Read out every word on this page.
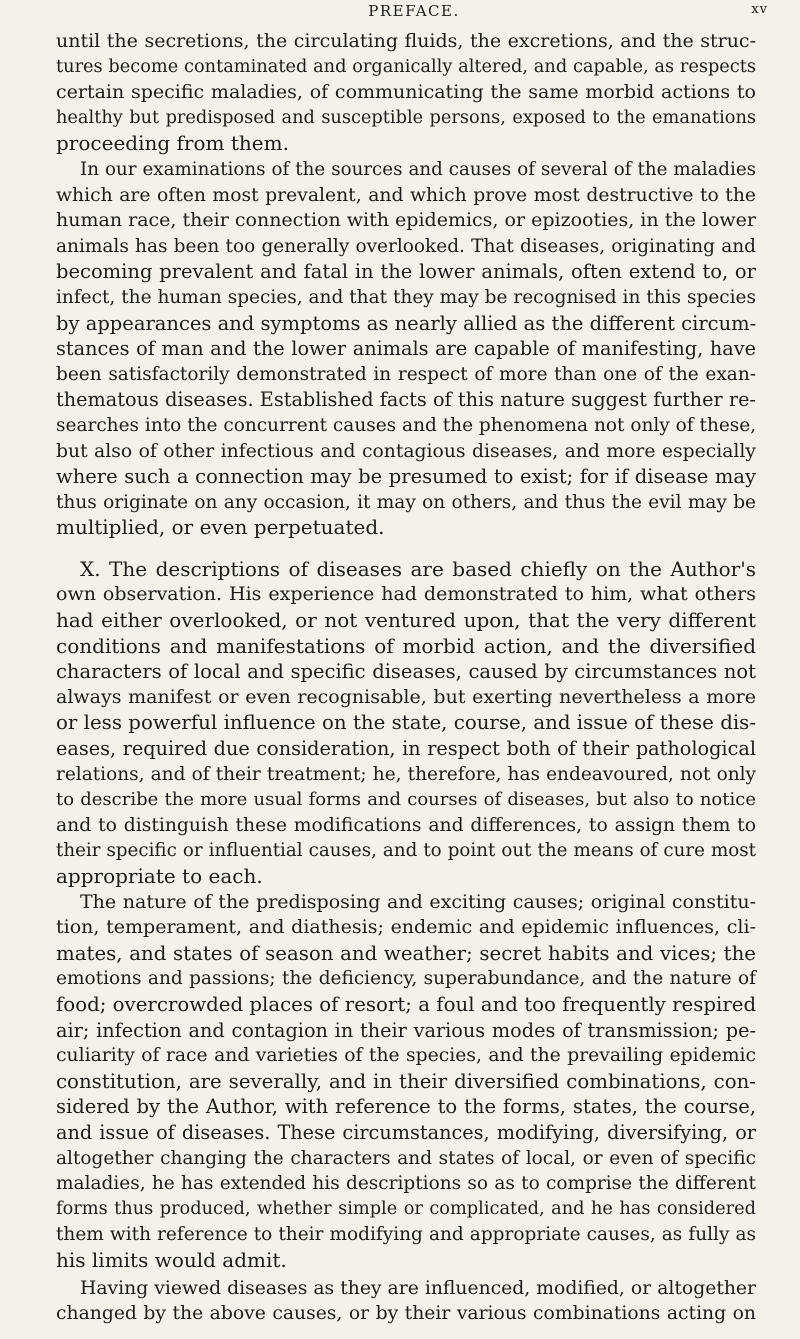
PREFACE.	xv
until the secretions, the circulating fluids, the excretions, and the struc-
tures become contaminated and organically altered, and capable, as respects
certain specific maladies, of communicating the same morbid actions to
healthy but predisposed and susceptible persons, exposed to the emanations
proceeding from them.
In our examinations of the sources and causes of several of the maladies
which are often most prevalent, and which prove most destructive to the
human race, their connection with epidemics, or epizooties, in the lower
animals has been too generally overlooked. That diseases, originating and
becoming prevalent and fatal in the lower animals, often extend to, or
infect, the human species, and that they may be recognised in this species
by appearances and symptoms as nearly allied as the different circum-
stances of man and the lower animals are capable of manifesting, have
been satisfactorily demonstrated in respect of more than one of the exan-
thematous diseases. Established facts of this nature suggest further re-
searches into the concurrent causes and the phenomena not only of these,
but also of other infectious and contagious diseases, and more especially
where such a connection may be presumed to exist; for if disease may
thus originate on any occasion, it may on others, and thus the evil may be
multiplied, or even perpetuated.
X. The descriptions of diseases are based chiefly on the Author's
own observation. His experience had demonstrated to him, what others
had either overlooked, or not ventured upon, that the very different
conditions and manifestations of morbid action, and the diversified
characters of local and specific diseases, caused by circumstances not
always manifest or even recognisable, but exerting nevertheless a more
or less powerful influence on the state, course, and issue of these dis-
eases, required due consideration, in respect both of their pathological
relations, and of their treatment; he, therefore, has endeavoured, not only
to describe the more usual forms and courses of diseases, but also to notice
and to distinguish these modifications and differences, to assign them to
their specific or influential causes, and to point out the means of cure most
appropriate to each.
The nature of the predisposing and exciting causes; original constitu-
tion, temperament, and diathesis; endemic and epidemic influences, cli-
mates, and states of season and weather; secret habits and vices; the
emotions and passions; the deficiency, superabundance, and the nature of
food; overcrowded places of resort; a foul and too frequently respired
air; infection and contagion in their various modes of transmission; pe-
culiarity of race and varieties of the species, and the prevailing epidemic
constitution, are severally, and in their diversified combinations, con-
sidered by the Author, with reference to the forms, states, the course,
and issue of diseases. These circumstances, modifying, diversifying, or
altogether changing the characters and states of local, or even of specific
maladies, he has extended his descriptions so as to comprise the different
forms thus produced, whether simple or complicated, and he has considered
them with reference to their modifying and appropriate causes, as fully as
his limits would admit.
Having viewed diseases as they are influenced, modified, or altogether
changed by the above causes, or by their various combinations acting on
